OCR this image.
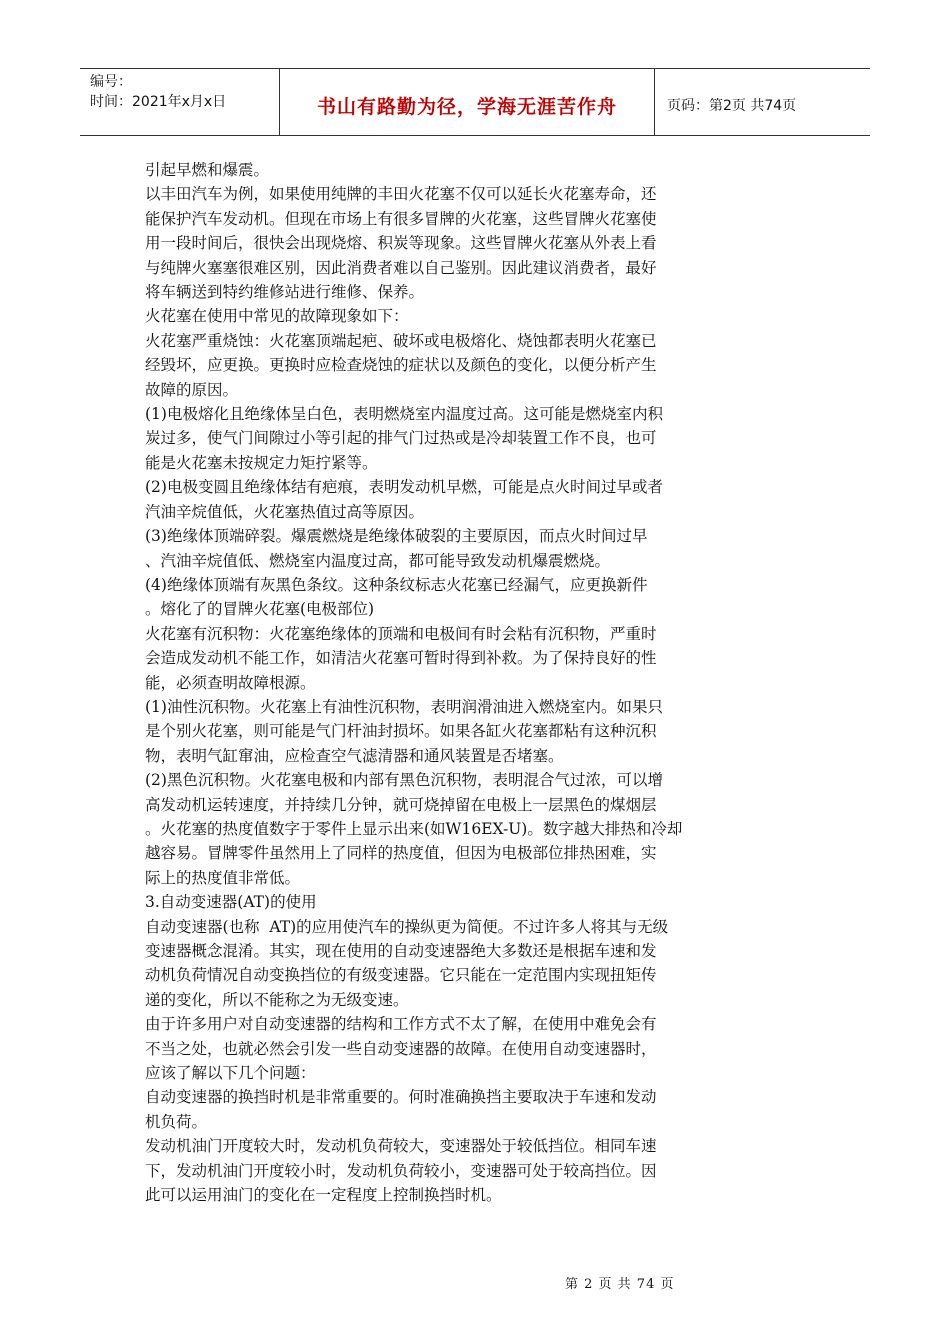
编号：
时间：2021年x月x日	书山有路勤为径，学海无涯苦作舟	页码：第2页 共74页

引起早燃和爆震。

以丰田汽车为例，如果使用纯牌的丰田火花塞不仅可以延长火花塞寿命，还

能保护汽车发动机。但现在市场上有很多冒牌的火花塞，这些冒牌火花塞使

用一段时间后，很快会出现烧熔、积炭等现象。这些冒牌火花塞从外表上看

与纯牌火塞塞很难区别，因此消费者难以自己鉴别。因此建议消费者，最好

将车辆送到特约维修站进行维修、保养。

火花塞在使用中常见的故障现象如下：

火花塞严重烧蚀：火花塞顶端起疤、破坏或电极熔化、烧蚀都表明火花塞已

经毁坏，应更换。更换时应检查烧蚀的症状以及颜色的变化，以便分析产生

故障的原因。

(1)电极熔化且绝缘体呈白色，表明燃烧室内温度过高。这可能是燃烧室内积

炭过多，使气门间隙过小等引起的排气门过热或是冷却装置工作不良，也可

能是火花塞未按规定力矩拧紧等。

(2)电极变圆且绝缘体结有疤痕，表明发动机早燃，可能是点火时间过早或者

汽油辛烷值低，火花塞热值过高等原因。

(3)绝缘体顶端碎裂。爆震燃烧是绝缘体破裂的主要原因，而点火时间过早

、汽油辛烷值低、燃烧室内温度过高，都可能导致发动机爆震燃烧。

(4)绝缘体顶端有灰黑色条纹。这种条纹标志火花塞已经漏气，应更换新件

。熔化了的冒牌火花塞(电极部位)

火花塞有沉积物：火花塞绝缘体的顶端和电极间有时会粘有沉积物，严重时

会造成发动机不能工作，如清洁火花塞可暂时得到补救。为了保持良好的性

能，必须查明故障根源。

(1)油性沉积物。火花塞上有油性沉积物，表明润滑油进入燃烧室内。如果只

是个别火花塞，则可能是气门杆油封损坏。如果各缸火花塞都粘有这种沉积

物，表明气缸窜油，应检查空气滤清器和通风装置是否堵塞。

(2)黑色沉积物。火花塞电极和内部有黑色沉积物，表明混合气过浓，可以增

高发动机运转速度，并持续几分钟，就可烧掉留在电极上一层黑色的煤烟层

。火花塞的热度值数字于零件上显示出来(如W16EX-U)。数字越大排热和冷却

越容易。冒牌零件虽然用上了同样的热度值，但因为电极部位排热困难，实

际上的热度值非常低。

3.自动变速器(AT)的使用

自动变速器(也称  AT)的应用使汽车的操纵更为简便。不过许多人将其与无级

变速器概念混淆。其实，现在使用的自动变速器绝大多数还是根据车速和发

动机负荷情况自动变换挡位的有级变速器。它只能在一定范围内实现扭矩传

递的变化，所以不能称之为无级变速。

由于许多用户对自动变速器的结构和工作方式不太了解，在使用中难免会有

不当之处，也就必然会引发一些自动变速器的故障。在使用自动变速器时，

应该了解以下几个问题：

自动变速器的换挡时机是非常重要的。何时准确换挡主要取决于车速和发动

机负荷。

发动机油门开度较大时，发动机负荷较大，变速器处于较低挡位。相同车速

下，发动机油门开度较小时，发动机负荷较小，变速器可处于较高挡位。因

此可以运用油门的变化在一定程度上控制换挡时机。

第 2 页 共 74 页
